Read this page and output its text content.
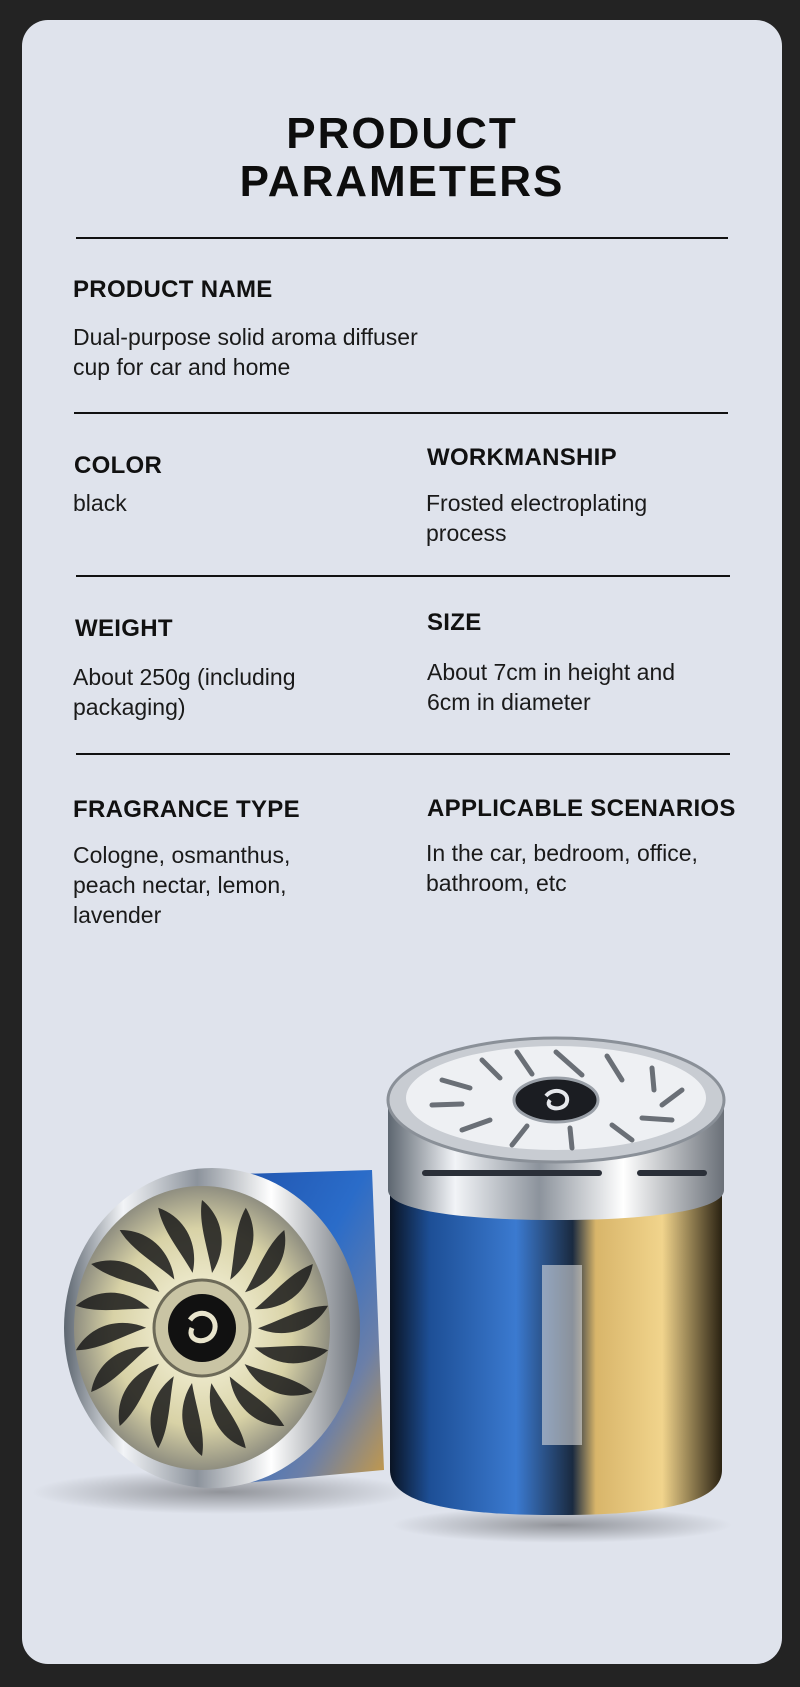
PRODUCT
PARAMETERS
PRODUCT NAME

Dual-purpose solid aroma diffuser
cup for car and home

COLOR

black

WORKMANSHIP

Frosted electroplating
process

WEIGHT

About 250g (including
packaging)

SIZE

About 7cm in height and
6cm in diameter

FRAGRANCE TYPE

Cologne, osmanthus,
peach nectar, lemon,
lavender

APPLICABLE SCENARIOS

In the car, bedroom, office,
bathroom, etc
